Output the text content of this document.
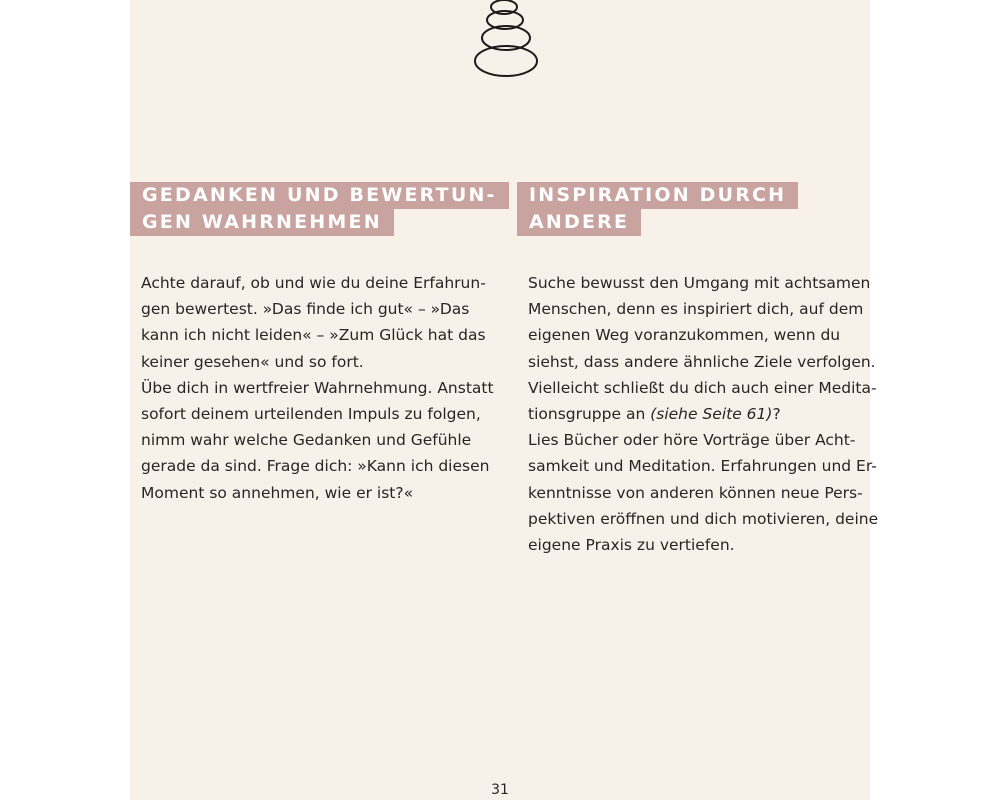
GEDANKEN UND BEWERTUN-
GEN WAHRNEHMEN
INSPIRATION DURCH
ANDERE
Achte darauf, ob und wie du deine Erfahrun-
gen bewertest. »Das finde ich gut« – »Das
kann ich nicht leiden« – »Zum Glück hat das
keiner gesehen« und so fort.
Übe dich in wertfreier Wahrnehmung. Anstatt
sofort deinem urteilenden Impuls zu folgen,
nimm wahr welche Gedanken und Gefühle
gerade da sind. Frage dich: »Kann ich diesen
Moment so annehmen, wie er ist?«
Suche bewusst den Umgang mit achtsamen
Menschen, denn es inspiriert dich, auf dem
eigenen Weg voranzukommen, wenn du
siehst, dass andere ähnliche Ziele verfolgen.
Vielleicht schließt du dich auch einer Medita-
tionsgruppe an (siehe Seite 61)?
Lies Bücher oder höre Vorträge über Acht-
samkeit und Meditation. Erfahrungen und Er-
kenntnisse von anderen können neue Pers-
pektiven eröffnen und dich motivieren, deine
eigene Praxis zu vertiefen.
31
